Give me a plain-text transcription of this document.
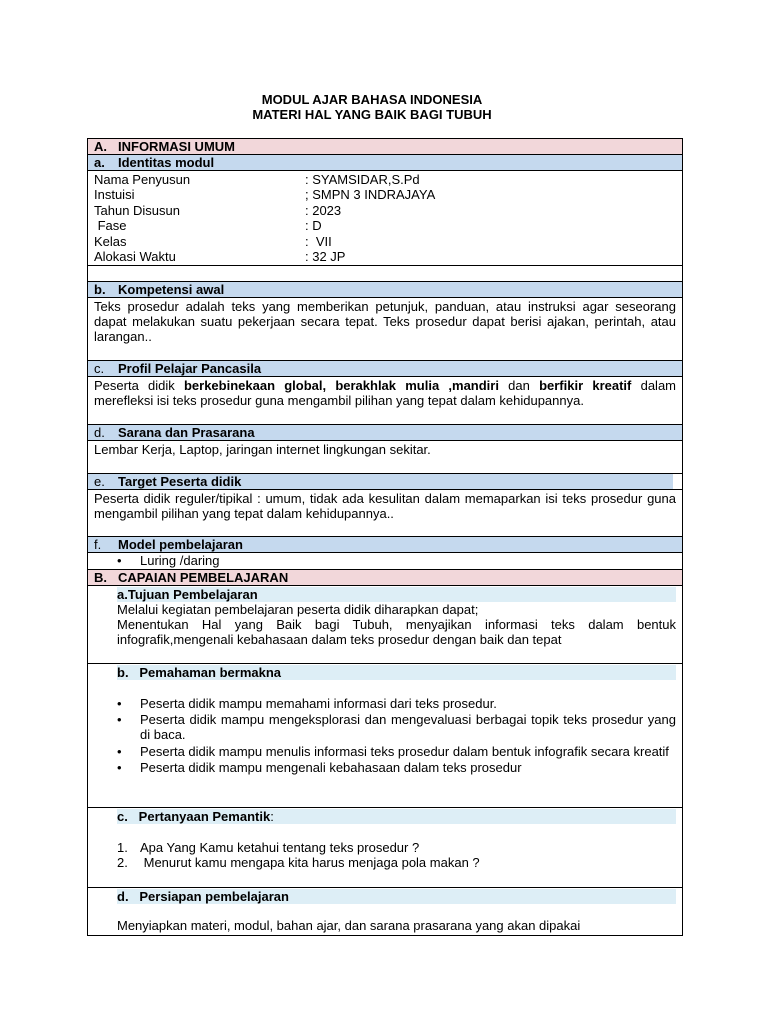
MODUL AJAR BAHASA INDONESIA
MATERI HAL YANG BAIK BAGI TUBUH
A. INFORMASI UMUM
a. Identitas modul
Nama Penyusun	: SYAMSIDAR,S.Pd
Instuisi	; SMPN 3 INDRAJAYA
Tahun Disusun	: 2023
Fase	: D
Kelas	:  VII
Alokasi Waktu	: 32 JP
b. Kompetensi awal
Teks prosedur adalah teks yang memberikan petunjuk, panduan, atau instruksi agar seseorang dapat melakukan suatu pekerjaan secara tepat. Teks prosedur dapat berisi ajakan, perintah, atau larangan..
c. Profil Pelajar Pancasila
Peserta didik berkebinekaan global, berakhlak mulia ,mandiri dan berfikir kreatif dalam merefleksi isi teks prosedur guna mengambil pilihan yang tepat dalam kehidupannya.
d. Sarana dan Prasarana
Lembar Kerja, Laptop, jaringan internet lingkungan sekitar.
e. Target Peserta didik
Peserta didik reguler/tipikal : umum, tidak ada kesulitan dalam memaparkan isi teks prosedur guna mengambil pilihan yang tepat dalam kehidupannya..
f. Model pembelajaran
• Luring /daring
B. CAPAIAN PEMBELAJARAN
a.Tujuan Pembelajaran
Melalui kegiatan pembelajaran peserta didik diharapkan dapat;
Menentukan Hal yang Baik bagi Tubuh, menyajikan informasi teks dalam bentuk infografik,mengenali kebahasaan dalam teks prosedur dengan baik dan tepat
b.   Pemahaman bermakna
• Peserta didik mampu memahami informasi dari teks prosedur.
• Peserta didik mampu mengeksplorasi dan mengevaluasi berbagai topik teks prosedur yang di baca.
• Peserta didik mampu menulis informasi teks prosedur dalam bentuk infografik secara kreatif
• Peserta didik mampu mengenali kebahasaan dalam teks prosedur
c.   Pertanyaan Pemantik:
1. Apa Yang Kamu ketahui tentang teks prosedur ?
2. Menurut kamu mengapa kita harus menjaga pola makan ?
d.   Persiapan pembelajaran
Menyiapkan materi, modul, bahan ajar, dan sarana prasarana yang akan dipakai
